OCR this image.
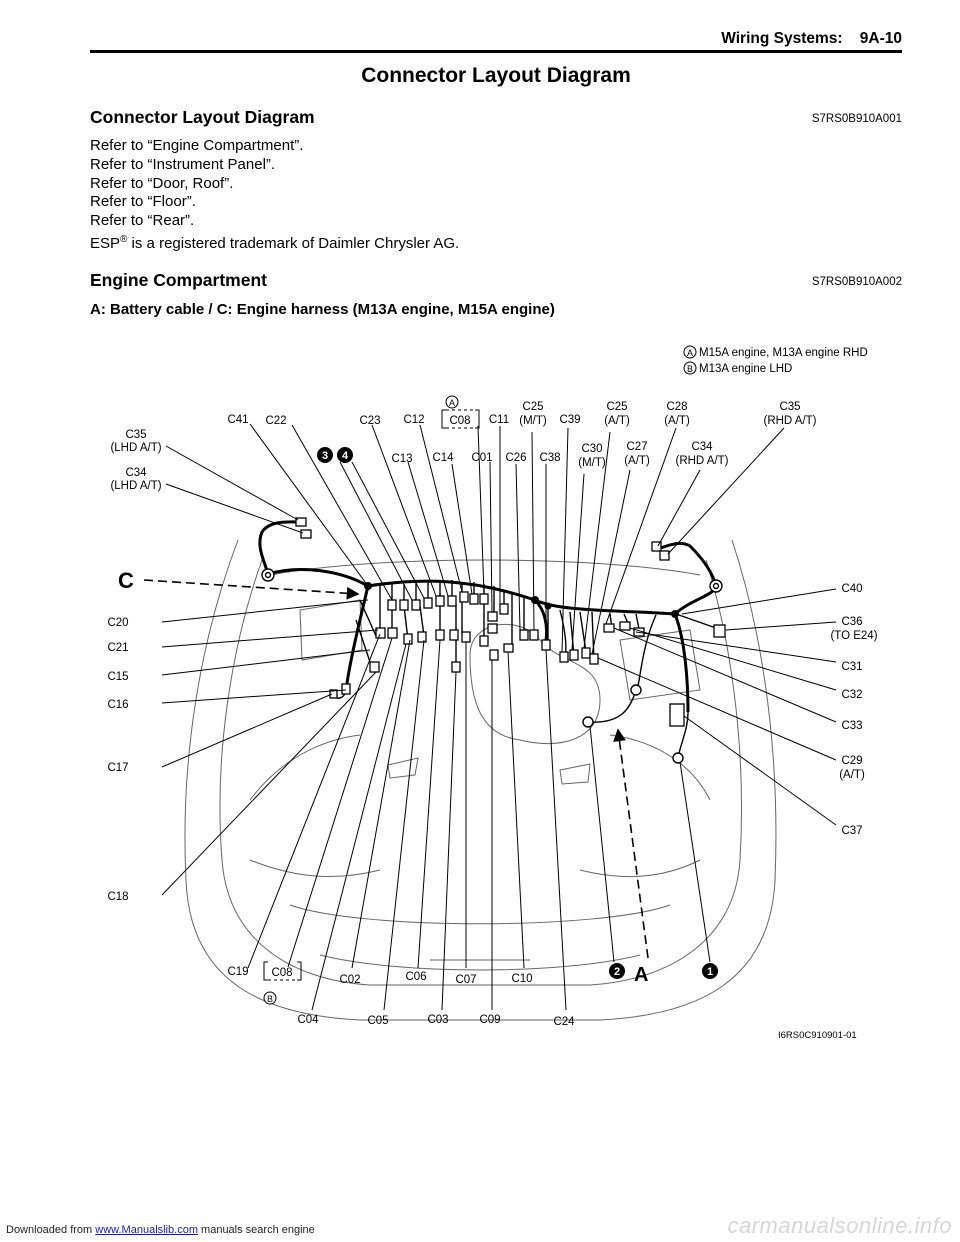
Wiring Systems:    9A-10
Connector Layout Diagram
Connector Layout Diagram	S7RS0B910A001
Refer to “Engine Compartment”.
Refer to “Instrument Panel”.
Refer to “Door, Roof”.
Refer to “Floor”.
Refer to “Rear”.
ESP® is a registered trademark of Daimler Chrysler AG.
Engine Compartment	S7RS0B910A002
A: Battery cable / C: Engine harness (M13A engine, M15A engine)
A M15A engine, M13A engine RHD
B M13A engine LHD
A
B
3 4
2	1
C
A
C35
(LHD A/T)
C34
(LHD A/T)
C41 C22	C23 C12 C08 C11
C25
(M/T) C39
C25
(A/T)
C28
(A/T)
C35
(RHD A/T)
C13 C14 C01 C26 C38
C30
(M/T)
C27
(A/T)
C34
(RHD A/T)
C20
C21
C15
C16
C17
C18
C40
C36
(TO E24)
C31
C32
C33
C29
(A/T)
C37
C19 C08
C02	C06	C07	C10
C04	C05	C03	C09	C24
I6RS0C910901-01
Downloaded from www.Manualslib.com manuals search engine	carmanualsonline.info
